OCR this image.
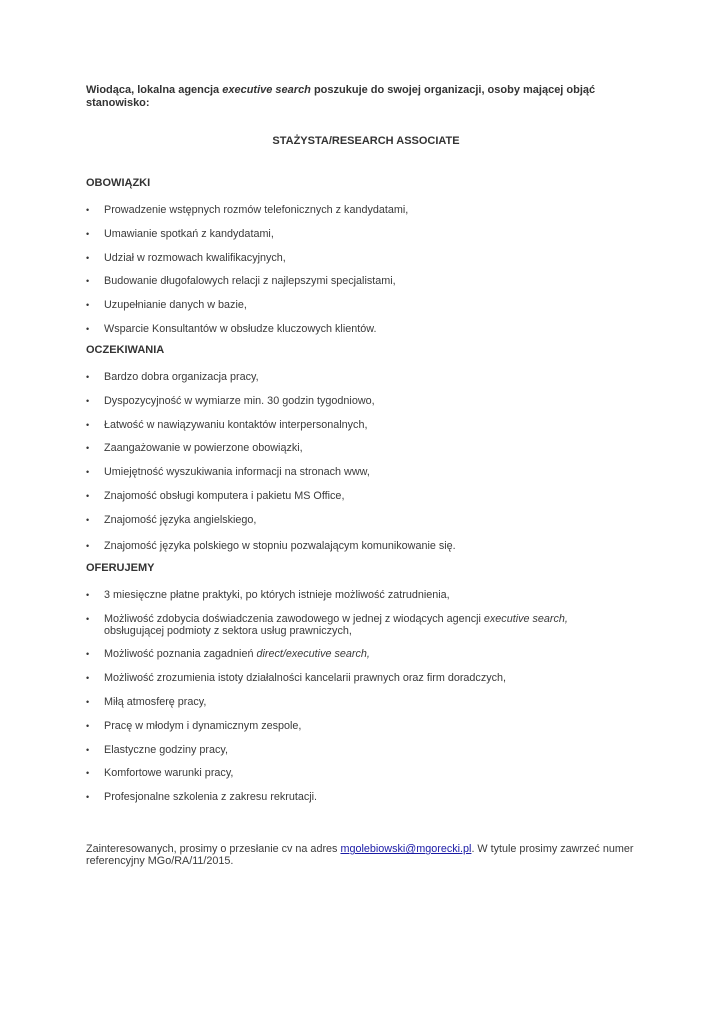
Wiodąca, lokalna agencja executive search poszukuje do swojej organizacji, osoby mającej objąć stanowisko:

STAŻYSTA/RESEARCH ASSOCIATE
OBOWIĄZKI
• Prowadzenie wstępnych rozmów telefonicznych z kandydatami,
• Umawianie spotkań z kandydatami,
• Udział w rozmowach kwalifikacyjnych,
• Budowanie długofalowych relacji z najlepszymi specjalistami,
• Uzupełnianie danych w bazie,
• Wsparcie Konsultantów w obsłudze kluczowych klientów.
OCZEKIWANIA
• Bardzo dobra organizacja pracy,
• Dyspozycyjność w wymiarze min. 30 godzin tygodniowo,
• Łatwość w nawiązywaniu kontaktów interpersonalnych,
• Zaangażowanie w powierzone obowiązki,
• Umiejętność wyszukiwania informacji na stronach www,
• Znajomość obsługi komputera i pakietu MS Office,
• Znajomość języka angielskiego,
• Znajomość języka polskiego w stopniu pozwalającym komunikowanie się.
OFERUJEMY
• 3 miesięczne płatne praktyki, po których istnieje możliwość zatrudnienia,
• Możliwość zdobycia doświadczenia zawodowego w jednej z wiodących agencji executive search,
obsługującej podmioty z sektora usług prawniczych,
• Możliwość poznania zagadnień direct/executive search,
• Możliwość zrozumienia istoty działalności kancelarii prawnych oraz firm doradczych,
• Miłą atmosferę pracy,
• Pracę w młodym i dynamicznym zespole,
• Elastyczne godziny pracy,
• Komfortowe warunki pracy,
• Profesjonalne szkolenia z zakresu rekrutacji.

Zainteresowanych, prosimy o przesłanie cv na adres mgolebiowski@mgorecki.pl. W tytule prosimy zawrzeć numer referencyjny MGo/RA/11/2015.
